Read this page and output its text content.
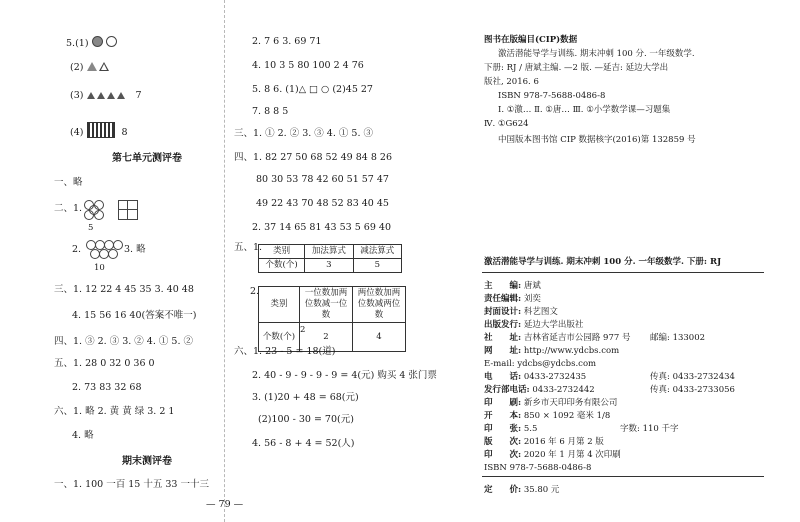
5.(1)
(2)
(3)	7
(4)	8
第七单元测评卷
一、略
二、1.
5
2.	3. 略
10
三、1. 12 22 4 45 35 3. 40 48
4. 15 56 16 40(答案不唯一)
四、1. ③ 2. ③ 3. ② 4. ① 5. ②
五、1. 28 0 32 0 36 0
2. 73 83 32 68
六、1. 略 2. 黄 黄 绿 3. 2 1
4. 略
期末测评卷
一、1. 100 一百 15 十五 33 一十三
2. 7 6 3. 69 71
4. 10 3 5 80 100 2 4 76
5. 8 6. (1)△ □ ○ (2)45 27
7. 8 8 5
三、1. ① 2. ② 3. ③ 4. ① 5. ③
四、1. 82 27 50 68 52 49 84 8 26
80 30 53 78 42 60 51 57 47
49 22 43 70 48 52 83 40 45
2. 37 14 65 81 43 53 5 69 40
五、1. 类别	加法算式	减法算式
个数(个)	3	5
2.
类别	一位数加两位数减一位数	两位数加两位数减两位数
个数(个)	2	4
2
六、1. 23 - 5 = 18(道)
2. 40 - 9 - 9 - 9 - 9 = 4(元) 购买 4 张门票
3. (1)20 + 48 = 68(元)
(2)100 - 30 = 70(元)
4. 56 - 8 + 4 = 52(人)
— 79 —
图书在版编目(CIP)数据
激活潜能导学与训练. 期末冲刺 100 分. 一年级数学.
下册: RJ / 唐斌主编. —2 版. —延吉: 延边大学出
版社, 2016. 6
ISBN 978-7-5688-0486-8
Ⅰ. ①激… Ⅱ. ①唐… Ⅲ. ①小学数学课—习题集
Ⅳ. ①G624
中国版本图书馆 CIP 数据核字(2016)第 132859 号
激活潜能导学与训练. 期末冲刺 100 分. 一年级数学. 下册: RJ
主　　编: 唐斌
责任编辑: 刘奕
封面设计: 科艺图文
出版发行: 延边大学出版社
社　　址: 吉林省延吉市公园路 977 号 邮编: 133002
网　　址: http://www.ydcbs.com
E-mail: ydcbs@ydcbs.com
电　　话: 0433-2732435	传真: 0433-2732434
发行部电话: 0433-2732442	传真: 0433-2733056
印　　刷: 新乡市天印印务有限公司
开　　本: 850 × 1092 毫米 1/8
印　　张: 5.5	字数: 110 千字
版　　次: 2016 年 6 月第 2 版
印　　次: 2020 年 1 月第 4 次印刷
ISBN 978-7-5688-0486-8
定　　价: 35.80 元
